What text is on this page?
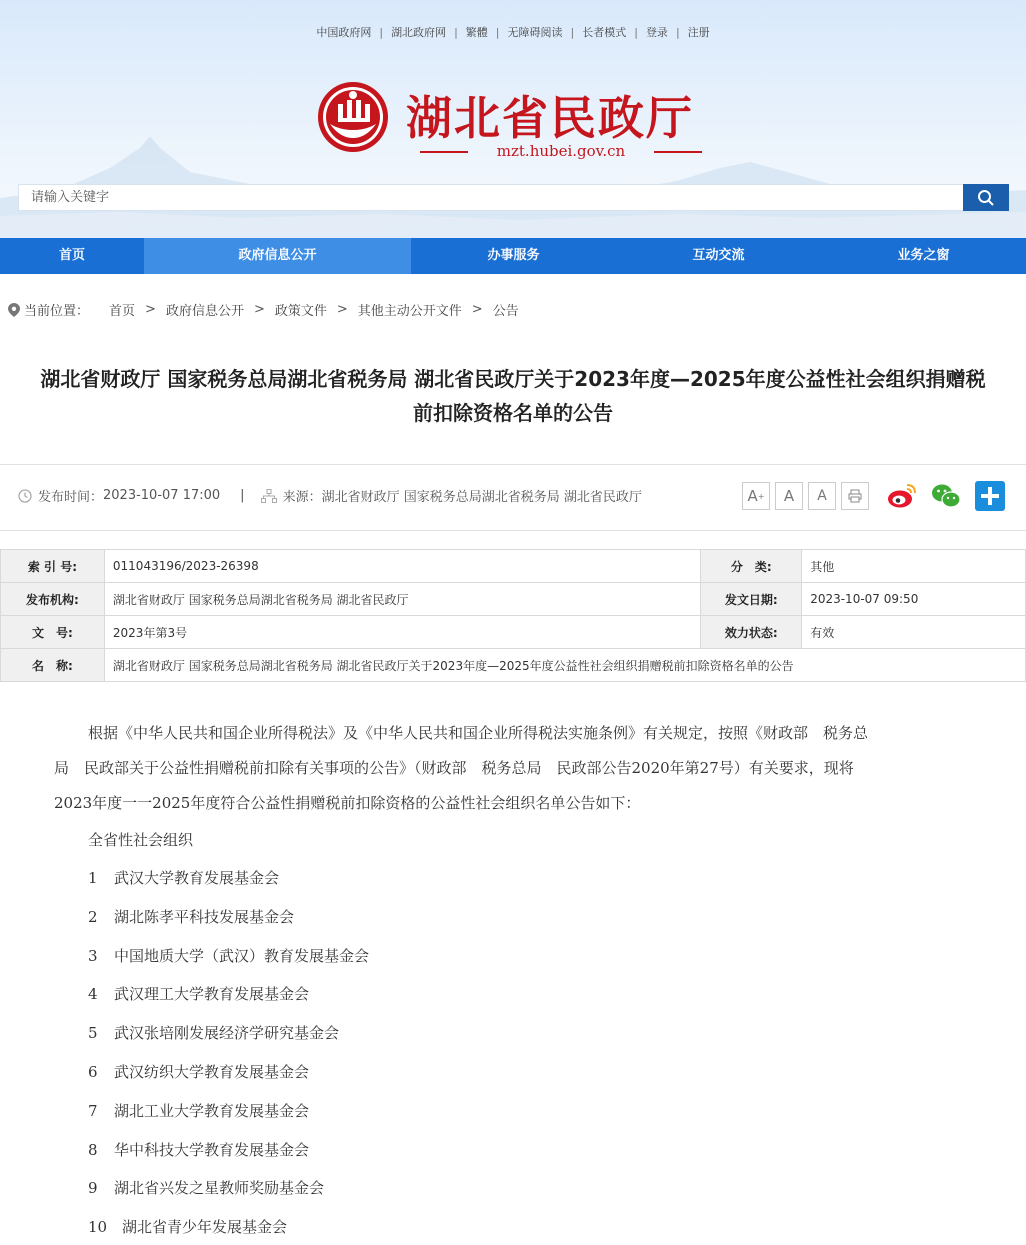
中国政府网 | 湖北政府网 | 繁體 | 无障碍阅读 | 长者模式 | 登录 | 注册
湖北省民政厅
mzt.hubei.gov.cn
请输入关键字
首页	政府信息公开	办事服务	互动交流	业务之窗
当前位置： 首页 > 政府信息公开 > 政策文件 > 其他主动公开文件 > 公告
湖北省财政厅 国家税务总局湖北省税务局 湖北省民政厅关于2023年度—2025年度公益性社会组织捐赠税
前扣除资格名单的公告
发布时间： 2023-10-07 17:00 |	来源： 湖北省财政厅 国家税务总局湖北省税务局 湖北省民政厅	A + A A
索 引 号:	011043196/2023-26398	分　类:	其他
发布机构:	湖北省财政厅 国家税务总局湖北省税务局 湖北省民政厅	发文日期:	2023-10-07 09:50
文　号:	2023年第3号	效力状态:	有效
名　称:	湖北省财政厅 国家税务总局湖北省税务局 湖北省民政厅关于2023年度—2025年度公益性社会组织捐赠税前扣除资格名单的公告		

根据《中华人民共和国企业所得税法》及《中华人民共和国企业所得税法实施条例》有关规定，按照《财政部　税务总
局　民政部关于公益性捐赠税前扣除有关事项的公告》（财政部　税务总局　民政部公告2020年第27号）有关要求，现将
2023年度一一2025年度符合公益性捐赠税前扣除资格的公益性社会组织名单公告如下：

全省性社会组织

1 武汉大学教育发展基金会
2 湖北陈孝平科技发展基金会
3 中国地质大学（武汉）教育发展基金会
4 武汉理工大学教育发展基金会
5 武汉张培刚发展经济学研究基金会
6 武汉纺织大学教育发展基金会
7 湖北工业大学教育发展基金会
8 华中科技大学教育发展基金会
9 湖北省兴发之星教师奖励基金会
10 湖北省青少年发展基金会
